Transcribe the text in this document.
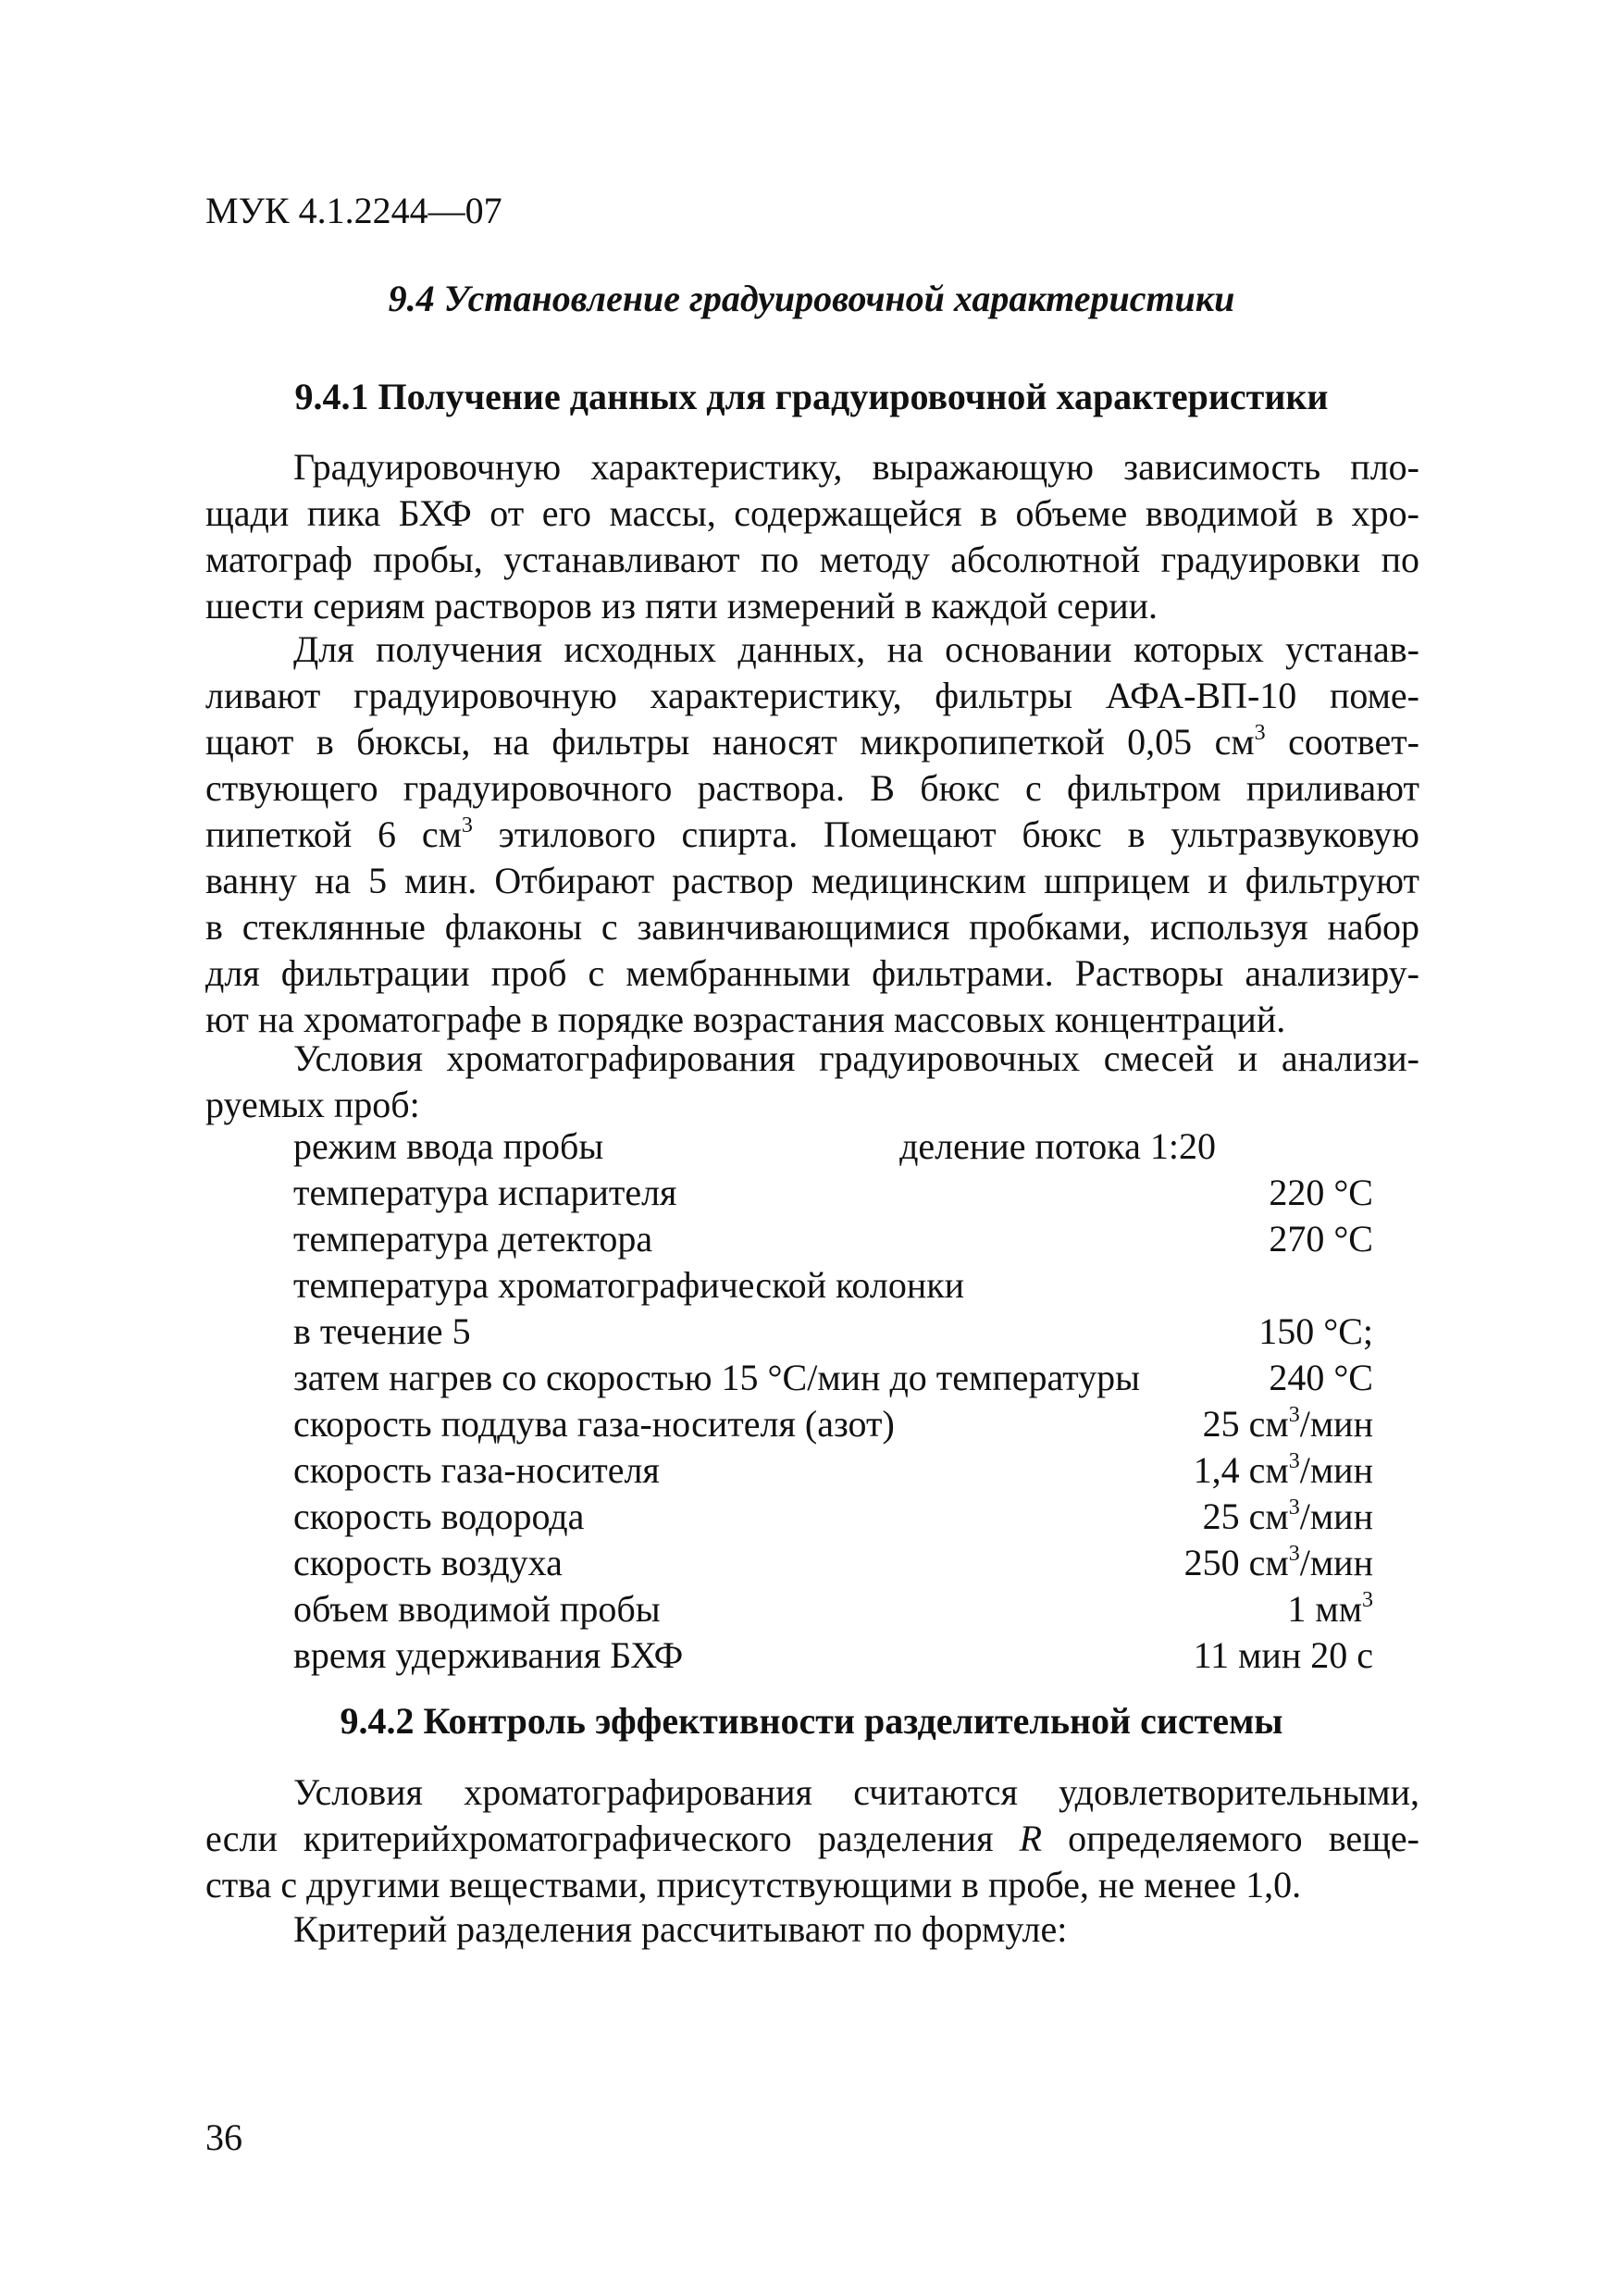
МУК 4.1.2244—07
9.4 Установление градуировочной характеристики
9.4.1 Получение данных для градуировочной характеристики
Градуировочную характеристику, выражающую зависимость пло-
щади пика БХФ от его массы, содержащейся в объеме вводимой в хро-
матограф пробы, устанавливают по методу абсолютной градуировки по
шести сериям растворов из пяти измерений в каждой серии.
Для получения исходных данных, на основании которых устанав-
ливают градуировочную характеристику, фильтры АФА-ВП-10 поме-
щают в бюксы, на фильтры наносят микропипеткой 0,05 $см^3$ соответ-
ствующего градуировочного раствора. В бюкс с фильтром приливают
пипеткой 6 $см^3$ этилового спирта. Помещают бюкс в ультразвуковую
ванну на 5 мин. Отбирают раствор медицинским шприцем и фильтруют
в стеклянные флаконы с завинчивающимися пробками, используя набор
для фильтрации проб с мембранными фильтрами. Растворы анализиру-
ют на хроматографе в порядке возрастания массовых концентраций.
Условия хроматографирования градуировочных смесей и анализи-
руемых проб:
режим ввода пробы	деление потока 1:20
температура испарителя	220 °С
температура детектора	270 °С
температура хроматографической колонки
в течение 5	150 °С;
затем нагрев со скоростью 15 °С/мин до температуры	240 °С
скорость поддува газа-носителя (азот)	25 $см^3$/мин
скорость газа-носителя	1,4 $см^3$/мин
скорость водорода	25 $см^3$/мин
скорость воздуха	250 $см^3$/мин
объем вводимой пробы	1 $мм^3$
время удерживания БХФ	11 мин 20 с
9.4.2 Контроль эффективности разделительной системы
Условия хроматографирования считаются удовлетворительными,
если критерийхроматографического разделения R определяемого веще-
ства с другими веществами, присутствующими в пробе, не менее 1,0.
Критерий разделения рассчитывают по формуле:
36
